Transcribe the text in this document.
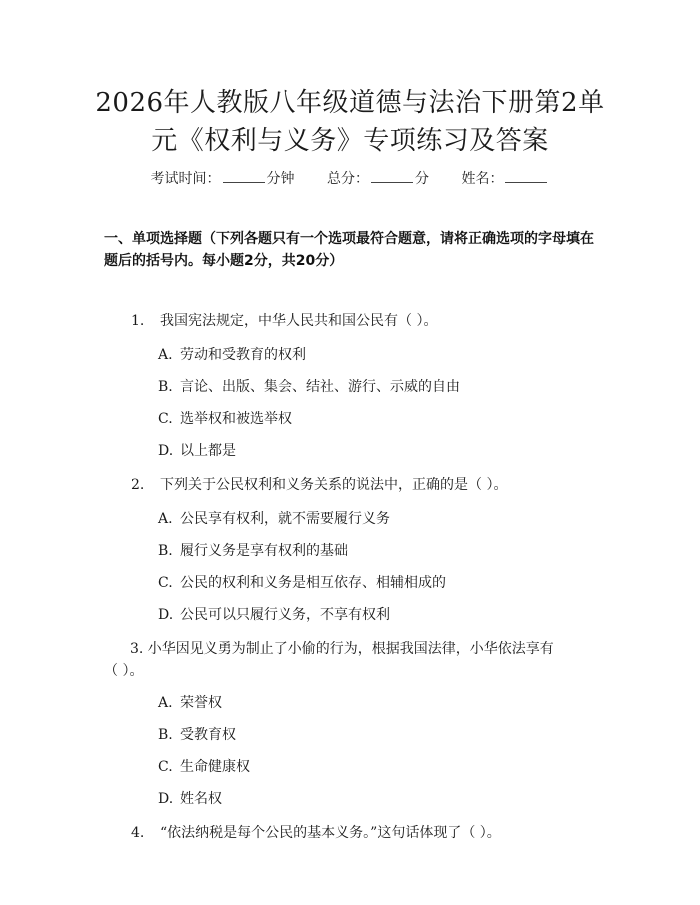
2026年人教版八年级道德与法治下册第2单
元《权利与义务》专项练习及答案
考试时间：	分钟 总分：	分 姓名：
一、单项选择题（下列各题只有一个选项最符合题意，请将正确选项的字母填在题后的括号内。每小题2分，共20分）
1.	我国宪法规定，中华人民共和国公民有（ ）。
A. 劳动和受教育的权利
B. 言论、出版、集会、结社、游行、示威的自由
C. 选举权和被选举权
D. 以上都是
2.	下列关于公民权利和义务关系的说法中，正确的是（ ）。
A. 公民享有权利，就不需要履行义务
B. 履行义务是享有权利的基础
C. 公民的权利和义务是相互依存、相辅相成的
D. 公民可以只履行义务，不享有权利
3. 小华因见义勇为制止了小偷的行为，根据我国法律，小华依法享有
（ ）。
A. 荣誉权
B. 受教育权
C. 生命健康权
D. 姓名权
4.	“依法纳税是每个公民的基本义务。”这句话体现了（ ）。
